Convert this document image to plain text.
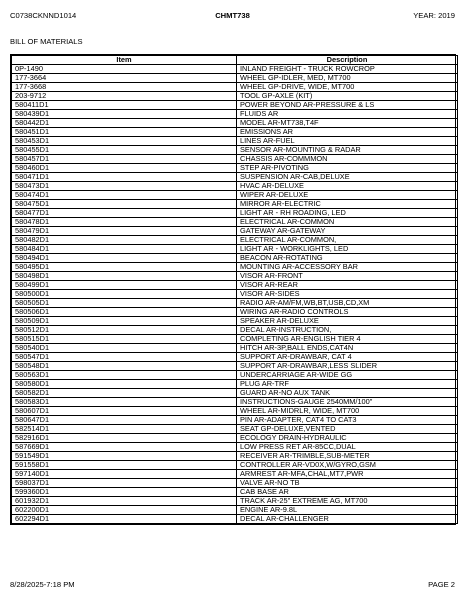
C0738CKNND1014	CHMT738	YEAR: 2019
BILL OF MATERIALS
Item	Description
0P-1490	INLAND FREIGHT - TRUCK ROWCROP
177-3664	WHEEL GP-IDLER, MED, MT700
177-3668	WHEEL GP-DRIVE, WIDE, MT700
203-9712	TOOL GP-AXLE (KIT)
580411D1	POWER BEYOND AR-PRESSURE & LS
580439D1	FLUIDS AR
580442D1	MODEL AR-MT738,T4F
580451D1	EMISSIONS AR
580453D1	LINES AR-FUEL
580455D1	SENSOR AR-MOUNTING & RADAR
580457D1	CHASSIS AR-COMMMON
580460D1	STEP AR-PIVOTING
580471D1	SUSPENSION AR-CAB,DELUXE
580473D1	HVAC AR-DELUXE
580474D1	WIPER AR-DELUXE
580475D1	MIRROR AR-ELECTRIC
580477D1	LIGHT AR - RH ROADING, LED
580478D1	ELECTRICAL AR-COMMON
580479D1	GATEWAY AR-GATEWAY
580482D1	ELECTRICAL AR-COMMON,
580484D1	LIGHT AR - WORKLIGHTS, LED
580494D1	BEACON AR-ROTATING
580495D1	MOUNTING AR-ACCESSORY BAR
580498D1	VISOR AR-FRONT
580499D1	VISOR AR-REAR
580500D1	VISOR AR-SIDES
580505D1	RADIO AR-AM/FM,WB,BT,USB,CD,XM
580506D1	WIRING AR-RADIO CONTROLS
580509D1	SPEAKER AR-DELUXE
580512D1	DECAL AR-INSTRUCTION,
580515D1	COMPLETING AR-ENGLISH TIER 4
580540D1	HITCH AR-3P,BALL ENDS,CAT4N
580547D1	SUPPORT AR-DRAWBAR, CAT 4
580548D1	SUPPORT AR-DRAWBAR,LESS SLIDER
580563D1	UNDERCARRIAGE AR-WIDE GG
580580D1	PLUG AR-TRF
580582D1	GUARD AR-NO AUX TANK
580583D1	INSTRUCTIONS-GAUGE 2540MM/100"
580607D1	WHEEL AR-MIDRLR, WIDE, MT700
580647D1	PIN AR-ADAPTER, CAT4 TO CAT3
582514D1	SEAT GP-DELUXE,VENTED
582916D1	ECOLOGY DRAIN-HYDRAULIC
587669D1	LOW PRESS RET AR-85CC,DUAL
591549D1	RECEIVER AR-TRIMBLE,SUB-METER
591558D1	CONTROLLER AR-VD0X,W/GYRO,GSM
597140D1	ARMREST AR-MFA,CHAL,MT7,PWR
598037D1	VALVE AR-NO TB
599360D1	CAB BASE AR
601932D1	TRACK AR-25" EXTREME AG, MT700
602200D1	ENGINE AR-9.8L
602294D1	DECAL AR-CHALLENGER
8/28/2025-7:18 PM	PAGE 2
